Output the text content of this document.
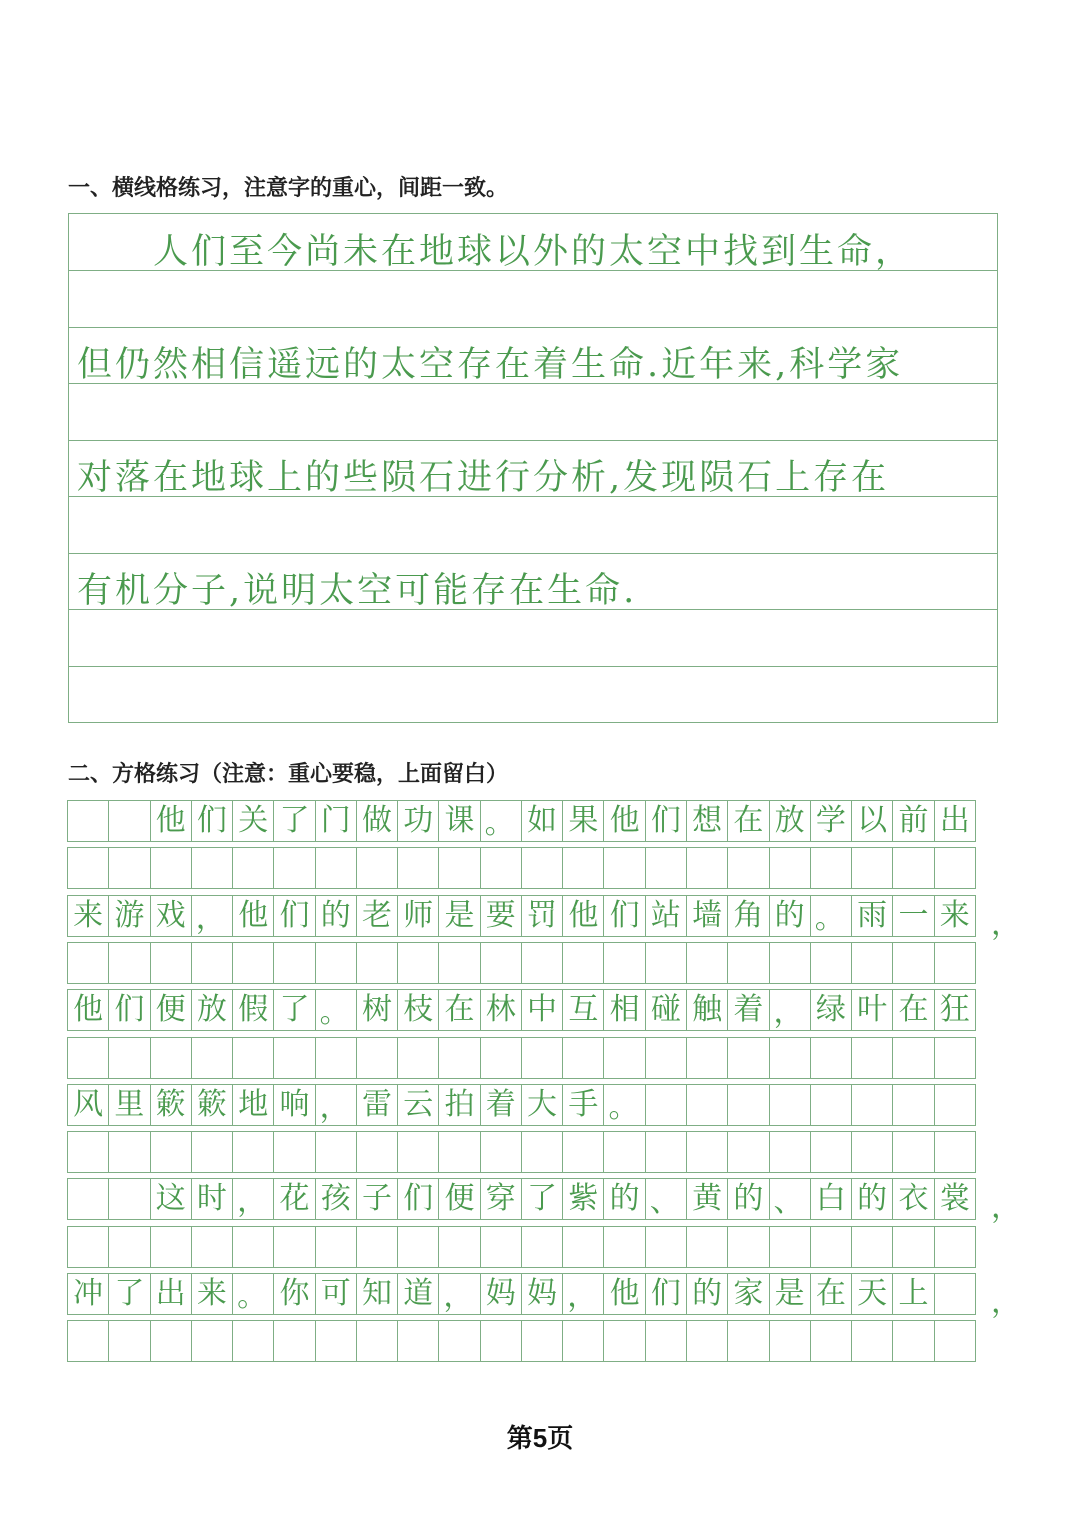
一、横线格练习，注意字的重心，间距一致。
　　人们至今尚未在地球以外的太空中找到生命，
但仍然相信遥远的太空存在着生命.近年来,科学家
对落在地球上的些陨石进行分析,发现陨石上存在
有机分子,说明太空可能存在生命.
二、方格练习（注意：重心要稳，上面留白）
他 们 关 了 门 做 功 课 。 如 果 他 们 想 在 放 学 以 前 出
来 游 戏 ， 他 们 的 老 师 是 要 罚 他 们 站 墙 角 的 。 雨 一 来 ，
他 们 便 放 假 了 。 树 枝 在 林 中 互 相 碰 触 着 ， 绿 叶 在 狂
风 里 簌 簌 地 响 ， 雷 云 拍 着 大 手 。
这 时 ， 花 孩 子 们 便 穿 了 紫 的 、 黄 的 、 白 的 衣 裳 ，
冲 了 出 来 。 你 可 知 道 ， 妈 妈 ， 他 们 的 家 是 在 天 上 ，
第5页
